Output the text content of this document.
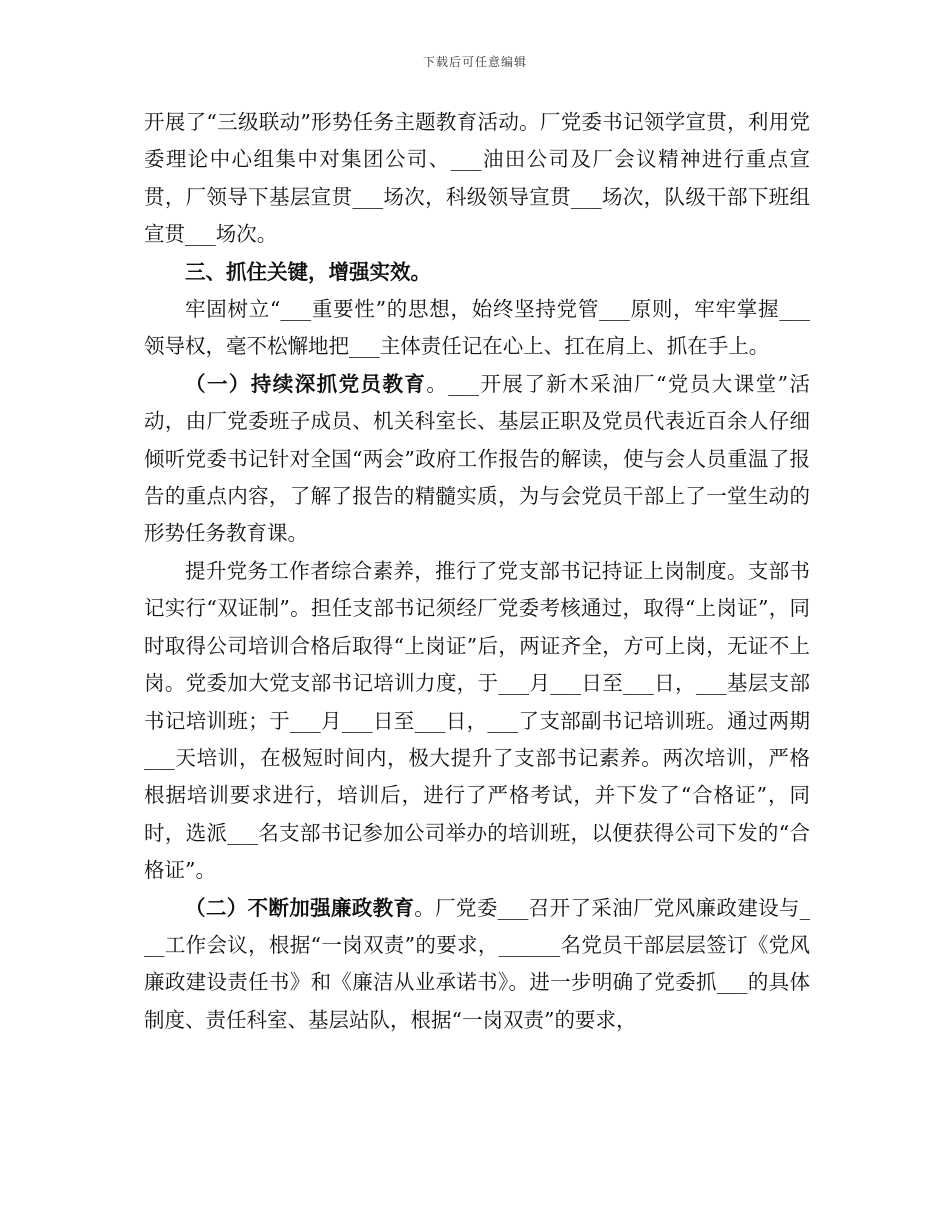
下载后可任意编辑

开展了“三级联动”形势任务主题教育活动。厂党委书记领学宣贯，利用党委理论中心组集中对集团公司、___油田公司及厂会议精神进行重点宣贯，厂领导下基层宣贯___场次，科级领导宣贯___场次，队级干部下班组宣贯___场次。

三、抓住关键，增强实效。

牢固树立“___重要性”的思想，始终坚持党管___原则，牢牢掌握___领导权，毫不松懈地把___主体责任记在心上、扛在肩上、抓在手上。

（一）持续深抓党员教育。___开展了新木采油厂“党员大课堂”活动，由厂党委班子成员、机关科室长、基层正职及党员代表近百余人仔细倾听党委书记针对全国“两会”政府工作报告的解读，使与会人员重温了报告的重点内容，了解了报告的精髓实质，为与会党员干部上了一堂生动的形势任务教育课。

提升党务工作者综合素养，推行了党支部书记持证上岗制度。支部书记实行“双证制”。担任支部书记须经厂党委考核通过，取得“上岗证”，同时取得公司培训合格后取得“上岗证”后，两证齐全，方可上岗，无证不上岗。党委加大党支部书记培训力度，于___月___日至___日，___基层支部书记培训班；于___月___日至___日，___了支部副书记培训班。通过两期___天培训，在极短时间内，极大提升了支部书记素养。两次培训，严格根据培训要求进行，培训后，进行了严格考试，并下发了“合格证”，同时，选派___名支部书记参加公司举办的培训班，以便获得公司下发的“合格证”。

（二）不断加强廉政教育。厂党委___召开了采油厂党风廉政建设与___工作会议，根据“一岗双责”的要求，______名党员干部层层签订《党风廉政建设责任书》和《廉洁从业承诺书》。进一步明确了党委抓___的具体制度、责任科室、基层站队，根据“一岗双责”的要求，
